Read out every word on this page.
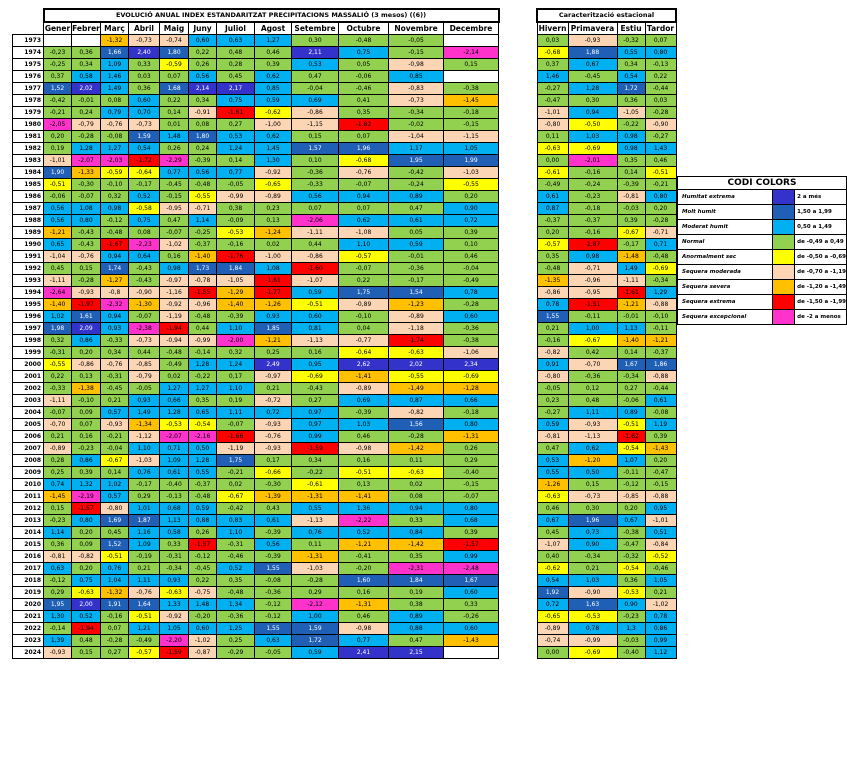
	EVOLUCIÓ ANUAL INDEX ESTANDARITZAT PRECIPITACIONS MASSALIÓ (3 mesos) ((6))											
	Gener	Febrer	Març	Abril	Maig	Juny	Juliol	Agost	Setembre	Octubre	Novembre	Decembre
1973			-1,32	-0,73	-0,74	0,60	0,63	1,27	0,30	-0,48	-0,05	
1974	-0,23	0,36	1,66	2,40	1,80	0,22	0,48	0,46	2,11	0,75	-0,15	-2,14
1975	-0,25	0,34	1,09	0,33	-0,59	0,26	0,28	0,39	0,53	0,05	-0,98	0,15
1976	0,37	0,58	1,46	0,03	0,07	0,56	0,45	0,62	0,47	-0,06	0,85	
1977	1,52	2,02	1,49	0,36	1,68	2,14	2,17	0,85	-0,04	-0,46	-0,83	-0,38
1978	-0,42	-0,01	0,08	0,60	0,22	0,34	0,75	0,59	0,69	0,41	-0,73	-1,45
1979	-0,21	0,24	0,79	0,70	0,14	-0,91	-1,61	-0,62	-0,86	0,35	-0,34	-0,18
1980	-2,05	-0,79	-0,76	-0,73	0,01	0,08	0,27	-1,00	-1,15	-1,82	-0,02	-0,15
1981	0,20	-0,28	-0,08	1,59	1,48	1,80	0,53	0,62	0,15	0,07	-1,04	-1,15
1982	0,19	1,28	1,27	0,54	0,26	0,24	1,24	1,45	1,57	1,96	1,17	1,05
1983	-1,01	-2,07	-2,03	-1,72	-2,29	-0,39	0,14	1,30	0,10	-0,68	1,95	1,99
1984	1,90	-1,33	-0,59	-0,64	0,77	0,56	0,77	-0,92	-0,36	-0,76	-0,42	-1,03
1985	-0,51	-0,30	-0,10	-0,17	-0,45	-0,48	-0,05	-0,65	-0,33	-0,07	-0,24	-0,55
1986	-0,06	-0,07	0,32	0,52	-0,15	-0,55	-0,99	-0,89	0,56	0,94	0,89	0,20
1987	0,56	1,08	0,98	-0,58	-0,95	-0,71	0,38	0,23	0,07	0,07	0,47	0,90
1988	0,56	0,80	-0,12	0,75	0,47	1,14	-0,09	0,13	-2,06	0,62	0,61	0,72
1989	-1,21	-0,43	-0,48	0,08	-0,07	-0,25	-0,53	-1,24	-1,11	-1,08	0,05	0,39
1990	0,65	-0,43	-1,67	-2,23	-1,02	-0,37	-0,16	0,02	0,44	1,10	0,59	0,10
1991	-1,04	-0,76	0,94	0,64	0,16	-1,40	-1,76	-1,00	-0,86	-0,57	-0,01	0,46
1992	0,45	0,15	1,74	-0,43	0,98	1,73	1,84	1,08	-1,60	-0,07	-0,36	-0,04
1993	-1,11	-0,28	-1,27	-0,43	-0,97	-0,78	-1,05	-1,61	-1,07	0,22	-0,17	-0,49
1994	-2,64	-0,93	-0,8	-0,90	-1,16	-1,55	-1,29	-1,77	0,59	1,75	1,54	0,78
1995	-1,40	-1,97	-2,32	-1,30	-0,92	-0,96	-1,40	-1,26	-0,51	-0,89	-1,23	-0,28
1996	1,02	1,61	0,94	-0,07	-1,19	-0,48	-0,39	0,93	0,60	-0,10	-0,89	0,60
1997	1,98	2,09	0,93	-2,38	-1,94	0,44	1,10	1,85	0,81	0,04	-1,18	-0,36
1998	0,32	0,86	-0,33	-0,73	-0,94	-0,99	-2,00	-1,21	-1,13	-0,77	-1,74	-0,38
1999	-0,31	0,20	0,34	0,44	-0,48	-0,14	0,32	0,25	0,16	-0,64	-0,63	-1,06
2000	-0,55	-0,86	-0,76	-0,85	-0,49	1,28	1,24	2,49	0,95	2,62	2,02	2,34
2001	0,22	0,13	-0,31	-0,79	0,02	-0,22	0,17	-0,97	-0,69	-1,41	-0,55	-0,69
2002	-0,33	-1,38	-0,45	-0,05	1,27	1,27	1,10	0,21	-0,43	-0,89	-1,49	-1,28
2003	-1,11	-0,10	0,21	0,93	0,66	0,35	0,19	-0,72	0,27	0,69	0,87	0,66
2004	-0,07	0,09	0,57	1,49	1,28	0,65	1,11	0,72	0,97	-0,39	-0,82	-0,18
2005	-0,70	0,07	-0,93	-1,34	-0,53	-0,54	-0,07	-0,93	0,97	1,03	1,56	0,80
2006	0,21	0,16	-0,21	-1,12	-2,07	-2,16	-1,66	-0,76	0,99	0,46	-0,28	-1,31
2007	-0,89	-0,23	-0,04	1,10	0,71	0,50	-1,19	-0,93	-1,59	-0,98	-1,42	0,26
2008	0,28	0,86	-0,67	-1,03	1,09	1,28	1,75	0,17	0,34	0,16	0,11	0,29
2009	0,25	0,39	0,14	0,76	0,61	0,55	-0,21	-0,66	-0,22	-0,51	-0,63	-0,40
2010	0,74	1,32	1,02	-0,17	-0,40	-0,37	0,02	-0,30	-0,61	0,13	0,02	-0,15
2011	-1,45	-2,19	0,57	0,29	-0,13	-0,48	-0,67	-1,39	-1,31	-1,41	0,08	-0,07
2012	0,15	-1,57	-0,80	1,01	0,68	0,59	-0,42	0,43	0,55	1,36	0,94	0,80
2013	-0,23	0,80	1,69	1,87	1,13	0,88	0,83	0,61	-1,13	-2,22	0,33	0,68
2014	1,14	0,20	0,45	1,16	0,58	0,26	1,10	-0,39	0,76	0,52	0,84	0,39
2015	0,36	0,09	1,52	1,09	0,33	-1,57	-0,31	0,56	0,11	-1,21	-1,42	-1,57
2016	-0,81	-0,82	-0,51	-0,19	-0,31	-0,12	-0,46	-0,39	-1,31	-0,41	0,35	0,99
2017	0,63	0,20	0,76	0,21	-0,34	-0,45	0,52	1,55	-1,03	-0,20	-2,31	-2,48
2018	-0,12	0,75	1,04	1,11	0,93	0,22	0,35	-0,08	-0,28	1,60	1,84	1,67
2019	0,29	-0,63	-1,32	-0,76	-0,63	-0,75	-0,48	-0,36	0,29	0,16	0,19	0,60
2020	1,95	2,00	1,91	1,64	1,33	1,48	1,34	-0,12	-2,12	-1,31	0,38	0,33
2021	1,30	0,52	-0,16	-0,51	-0,92	-0,20	-0,36	-0,12	1,00	0,46	0,89	-0,26
2022	-0,14	-1,94	0,07	1,21	1,05	0,60	1,25	1,55	1,59	-0,98	0,88	0,60
2023	1,39	0,48	-0,28	-0,49	-2,20	-1,02	0,25	0,63	1,72	0,77	0,47	-1,43
2024	-0,93	0,15	0,27	-0,57	-1,59	-0,87	-0,29	-0,05	0,59	2,41	2,15	
Caracterització estacional			
Hivern	Primavera	Estiu	Tardor
0,03	-0,93	-0,32	0,07
-0,68	1,88	0,55	0,80
0,37	0,67	0,34	-0,13
1,46	-0,45	0,54	0,22
-0,27	1,28	1,72	-0,44
-0,47	0,30	0,36	0,03
-1,01	0,94	-1,05	-0,28
-0,80	-0,50	-0,22	-0,90
0,11	1,03	0,98	-0,27
-0,63	-0,69	0,98	1,43
0,00	-2,01	0,35	0,46
-0,61	-0,16	0,14	-0,51
-0,49	-0,24	-0,39	-0,21
0,61	-0,23	-0,81	0,80
0,87	-0,18	-0,03	0,20
-0,37	-0,37	0,39	-0,28
0,20	-0,16	-0,67	-0,71
-0,57	-1,87	-0,17	0,71
0,35	0,98	-1,48	-0,48
-0,48	-0,71	1,49	-0,69
-1,35	-0,96	-1,11	-0,34
-0,86	-0,95	-1,61	1,29
0,78	-1,51	-1,21	-0,88
1,55	-0,11	-0,01	-0,10
0,21	1,00	1,13	-0,11
-0,16	-0,67	-1,40	-1,21
-0,82	0,42	0,14	-0,37
0,91	-0,70	1,67	1,86
-0,80	-0,36	-0,34	-0,88
-0,05	0,12	0,27	-0,44
0,23	0,48	-0,06	0,61
-0,27	1,11	0,89	-0,08
0,59	-0,93	-0,51	1,19
-0,81	-1,13	-1,62	0,39
0,47	0,62	-0,54	-1,43
0,53	-1,20	1,07	0,20
0,55	0,50	-0,11	-0,47
-1,26	0,15	-0,12	-0,15
-0,63	-0,73	-0,85	-0,88
0,46	0,30	0,20	0,95
0,67	1,96	0,67	-1,01
0,45	0,73	-0,38	0,51
-1,07	0,90	-0,47	-0,84
0,40	-0,34	-0,32	-0,52
-0,62	0,21	-0,54	-0,46
0,54	1,03	0,36	1,05
1,92	-0,90	-0,53	0,21
0,72	1,63	0,90	-1,02
-0,65	-0,53	-0,23	0,78
-0,89	0,78	1,3	0,86
-0,74	-0,99	-0,03	0,99
0,00	-0,69	-0,40	1,12
CODI COLORS		
Humitat extrema		2 a més
Molt humit		1,50 a 1,99
Moderat humit		0,50 a 1,49
Normal		de -0,49 a 0,49
Anormalment sec		de -0,50 a -0,69
Sequera moderada		de -0,70 a -1,19
Sequera severa		de -1,20 a -1,49
Sequera extrema		de -1,50 a -1,99
Sequera excepcional		de -2 a menos
